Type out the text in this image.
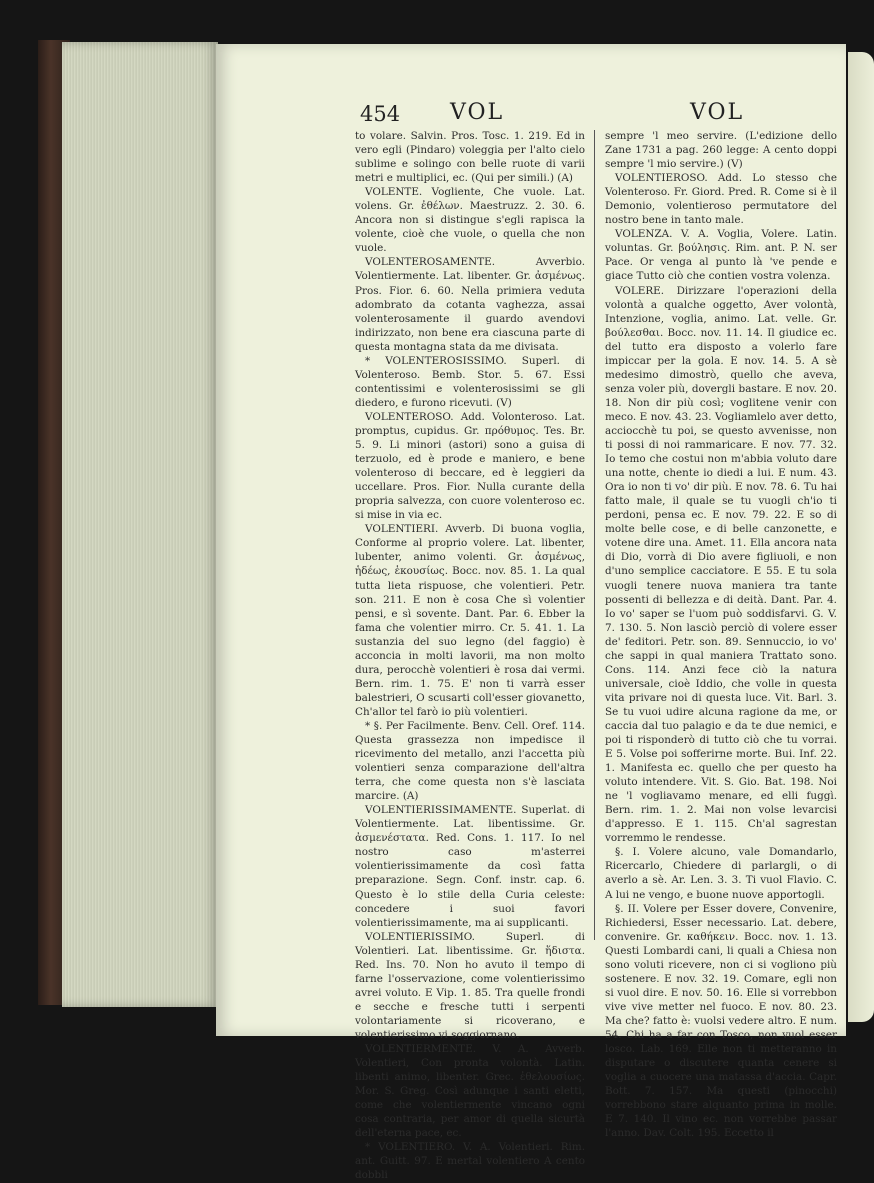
454 VOL	VOL

to volare. Salvin. Pros. Tosc. 1. 219. Ed in vero egli (Pindaro) voleggia per l'alto cielo sublime e solingo con belle ruote di varii metri e multiplici, ec. (Qui per simili.) (A)

VOLENTE. Vogliente, Che vuole. Lat. volens. Gr. ἐθέλων. Maestruzz. 2. 30. 6. Ancora non si distingue s'egli rapisca la volente, cioè che vuole, o quella che non vuole.

VOLENTEROSAMENTE. Avverbio. Volentiermente. Lat. libenter. Gr. ἀσμένως. Pros. Fior. 6. 60. Nella primiera veduta adombrato da cotanta vaghezza, assai volenterosamente il guardo avendovi indirizzato, non bene era ciascuna parte di questa montagna stata da me divisata.

* VOLENTEROSISSIMO. Superl. di Volenteroso. Bemb. Stor. 5. 67. Essi contentissimi e volenterosissimi se gli diedero, e furono ricevuti. (V)

VOLENTEROSO. Add. Volonteroso. Lat. promptus, cupidus. Gr. πρόθυμος. Tes. Br. 5. 9. Li minori (astori) sono a guisa di terzuolo, ed è prode e maniero, e bene volenteroso di beccare, ed è leggieri da uccellare. Pros. Fior. Nulla curante della propria salvezza, con cuore volenteroso ec. si mise in via ec.

VOLENTIERI. Avverb. Di buona voglia, Conforme al proprio volere. Lat. libenter, lubenter, animo volenti. Gr. ἀσμένως, ἡδέως, ἑκουσίως. Bocc. nov. 85. 1. La qual tutta lieta rispuose, che volentieri. Petr. son. 211. E non è cosa Che sì volentier pensi, e sì sovente. Dant. Par. 6. Ebber la fama che volentier mirro. Cr. 5. 41. 1. La sustanzia del suo legno (del faggio) è acconcia in molti lavorii, ma non molto dura, perocchè volentieri è rosa dai vermi. Bern. rim. 1. 75. E' non ti varrà esser balestrieri, O scusarti coll'esser giovanetto, Ch'allor tel farò io più volentieri.

* §. Per Facilmente. Benv. Cell. Oref. 114. Questa grassezza non impedisce il ricevimento del metallo, anzi l'accetta più volentieri senza comparazione dell'altra terra, che come questa non s'è lasciata marcire. (A)

VOLENTIERISSIMAMENTE. Superlat. di Volentiermente. Lat. libentissime. Gr. ἀσμενέστατα. Red. Cons. 1. 117. Io nel nostro caso m'asterrei volentierissimamente da così fatta preparazione. Segn. Conf. instr. cap. 6. Questo è lo stile della Curia celeste: concedere i suoi favori volentierissimamente, ma ai supplicanti.

VOLENTIERISSIMO. Superl. di Volentieri. Lat. libentissime. Gr. ἥδιστα. Red. Ins. 70. Non ho avuto il tempo di farne l'osservazione, come volentierissimo avrei voluto. E Vip. 1. 85. Tra quelle frondi e secche e fresche tutti i serpenti volontariamente si ricoverano, e volentierissimo vi soggiornano.

VOLENTIERMENTE. V. A. Avverb. Volentieri, Con pronta volontà. Latin. libenti animo, libenter. Grec. ἐθελουσίως. Mor. S. Greg. Così adunque i santi eletti, come che volentiermente vincano ogni cosa contraria, per amor di quella sicurtà dell'eterna pace, ec.

* VOLENTIERO. V. A. Volentieri. Rim. ant. Guitt. 97. E mertal volentiero A cento dobbli

sempre 'l meo servire. (L'edizione dello Zane 1731 a pag. 260 legge: A cento doppi sempre 'l mio servire.) (V)

VOLENTIEROSO. Add. Lo stesso che Volenteroso. Fr. Giord. Pred. R. Come si è il Demonio, volentieroso permutatore del nostro bene in tanto male.

VOLENZA. V. A. Voglia, Volere. Latin. voluntas. Gr. βούλησις. Rim. ant. P. N. ser Pace. Or venga al punto là 've pende e giace Tutto ciò che contien vostra volenza.

VOLERE. Dirizzare l'operazioni della volontà a qualche oggetto, Aver volontà, Intenzione, voglia, animo. Lat. velle. Gr. βούλεσθαι. Bocc. nov. 11. 14. Il giudice ec. del tutto era disposto a volerlo fare impiccar per la gola. E nov. 14. 5. A sè medesimo dimostrò, quello che aveva, senza voler più, dovergli bastare. E nov. 20. 18. Non dir più così; voglitene venir con meco. E nov. 43. 23. Vogliamlelo aver detto, acciocchè tu poi, se questo avvenisse, non ti possi di noi rammaricare. E nov. 77. 32. Io temo che costui non m'abbia voluto dare una notte, chente io diedi a lui. E num. 43. Ora io non ti vo' dir più. E nov. 78. 6. Tu hai fatto male, il quale se tu vuogli ch'io ti perdoni, pensa ec. E nov. 79. 22. E so di molte belle cose, e di belle canzonette, e votene dire una. Amet. 11. Ella ancora nata di Dio, vorrà di Dio avere figliuoli, e non d'uno semplice cacciatore. E 55. E tu sola vuogli tenere nuova maniera tra tante possenti di bellezza e di deità. Dant. Par. 4. Io vo' saper se l'uom può soddisfarvi. G. V. 7. 130. 5. Non lasciò perciò di volere esser de' feditori. Petr. son. 89. Sennuccio, io vo' che sappi in qual maniera Trattato sono. Cons. 114. Anzi fece ciò la natura universale, cioè Iddio, che volle in questa vita privare noi di questa luce. Vit. Barl. 3. Se tu vuoi udire alcuna ragione da me, or caccia dal tuo palagio e da te due nemici, e poi ti risponderò di tutto ciò che tu vorrai. E 5. Volse poi sofferirne morte. Bui. Inf. 22. 1. Manifesta ec. quello che per questo ha voluto intendere. Vit. S. Gio. Bat. 198. Noi ne 'l vogliavamo menare, ed elli fuggì. Bern. rim. 1. 2. Mai non volse levarcisi d'appresso. E 1. 115. Ch'al sagrestan vorremmo le rendesse.

§. I. Volere alcuno, vale Domandarlo, Ricercarlo, Chiedere di parlargli, o di averlo a sè. Ar. Len. 3. 3. Ti vuol Flavio. C. A lui ne vengo, e buone nuove apportogli.

§. II. Volere per Esser dovere, Convenire, Richiedersi, Esser necessario. Lat. debere, convenire. Gr. καθήκειν. Bocc. nov. 1. 13. Questi Lombardi cani, li quali a Chiesa non sono voluti ricevere, non ci si vogliono più sostenere. E nov. 32. 19. Comare, egli non si vuol dire. E nov. 50. 16. Elle si vorrebbon vive vive metter nel fuoco. E nov. 80. 23. Ma che? fatto è: vuolsi vedere altro. E num. 54. Chi ha a far con Tosco, non vuol esser losco. Lab. 169. Elle non ti metteranno in disputare o discutere quanta cenere si voglia a cuocere una matassa d'accia. Capr. Bott. 7. 157. Ma questi (pinocchi) vorrebbono stare alquanto prima in molle. E 7. 140. Il vino ec. non vorrebbe passar l'anno. Dav. Colt. 195. Eccetto il
